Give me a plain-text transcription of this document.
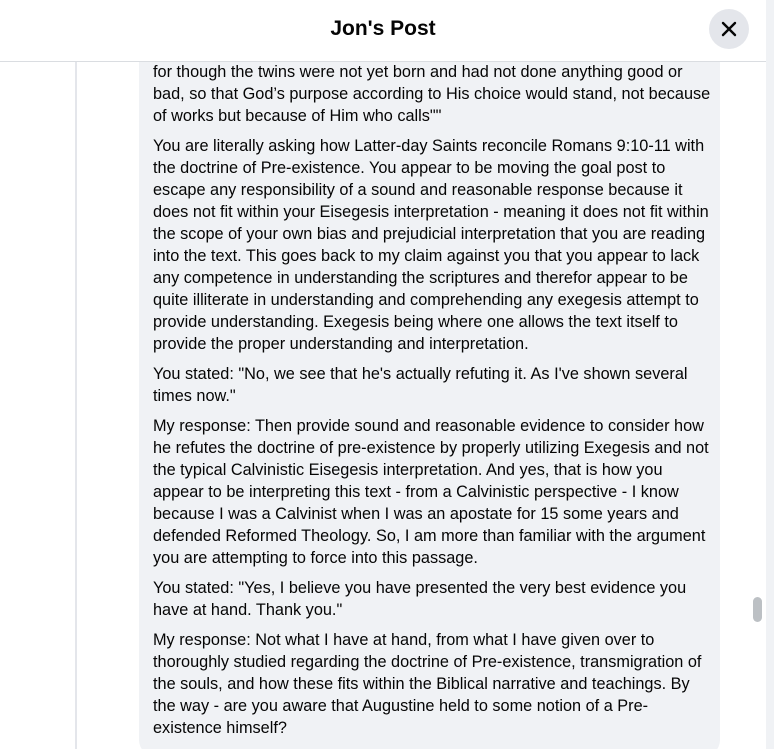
for though the twins were not yet born and had not done anything good or bad, so that God’s purpose according to His choice would stand, not because of works but because of Him who calls""

You are literally asking how Latter-day Saints reconcile Romans 9:10-11 with the doctrine of Pre-existence. You appear to be moving the goal post to escape any responsibility of a sound and reasonable response because it does not fit within your Eisegesis interpretation - meaning it does not fit within the scope of your own bias and prejudicial interpretation that you are reading into the text. This goes back to my claim against you that you appear to lack any competence in understanding the scriptures and therefor appear to be quite illiterate in understanding and comprehending any exegesis attempt to provide understanding. Exegesis being where one allows the text itself to provide the proper understanding and interpretation.

You stated: "No, we see that he's actually refuting it. As I've shown several times now."

My response: Then provide sound and reasonable evidence to consider how he refutes the doctrine of pre-existence by properly utilizing Exegesis and not the typical Calvinistic Eisegesis interpretation. And yes, that is how you appear to be interpreting this text - from a Calvinistic perspective - I know because I was a Calvinist when I was an apostate for 15 some years and defended Reformed Theology. So, I am more than familiar with the argument you are attempting to force into this passage.

You stated: "Yes, I believe you have presented the very best evidence you have at hand. Thank you."

My response: Not what I have at hand, from what I have given over to thoroughly studied regarding the doctrine of Pre-existence, transmigration of the souls, and how these fits within the Biblical narrative and teachings. By the way - are you aware that Augustine held to some notion of a Pre-existence himself?

Jon's Post
